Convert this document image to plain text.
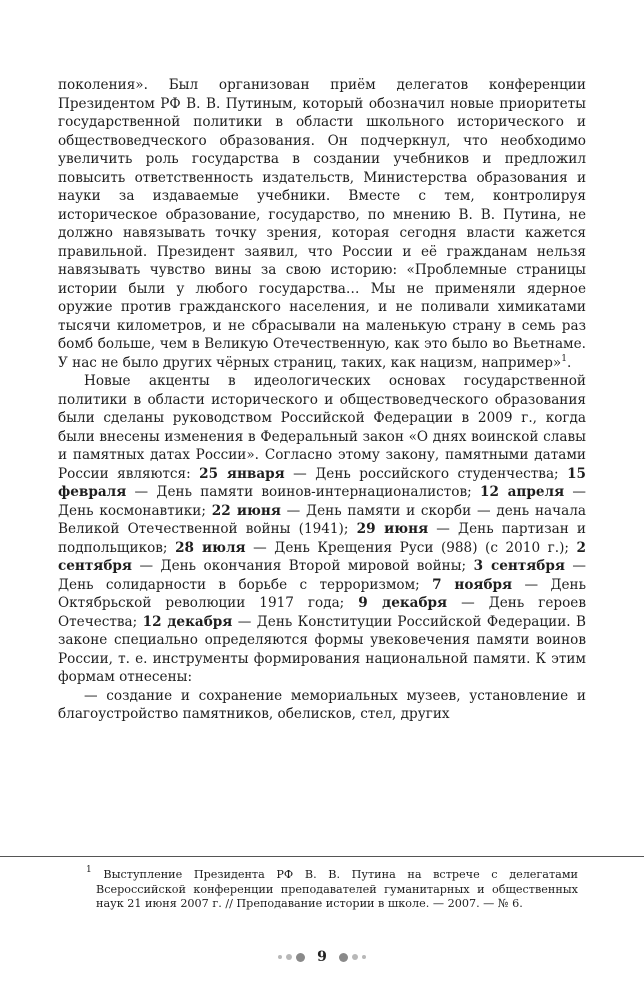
поколения». Был организован приём делегатов конференции Президентом РФ В. В. Путиным, который обозначил новые приоритеты государственной политики в области школьного исторического и обществоведческого образования. Он подчеркнул, что необходимо увеличить роль государства в создании учебников и предложил повысить ответственность издательств, Министерства образования и науки за издаваемые учебники. Вместе с тем, контролируя историческое образование, государство, по мнению В. В. Путина, не должно навязывать точку зрения, которая сегодня власти кажется правильной. Президент заявил, что России и её гражданам нельзя навязывать чувство вины за свою историю: «Проблемные страницы истории были у любого государства… Мы не применяли ядерное оружие против гражданского населения, и не поливали химикатами тысячи километров, и не сбрасывали на маленькую страну в семь раз бомб больше, чем в Великую Отечественную, как это было во Вьетнаме. У нас не было других чёрных страниц, таких, как нацизм, например»$^1$.

Новые акценты в идеологических основах государственной политики в области исторического и обществоведческого образования были сделаны руководством Российской Федерации в 2009 г., когда были внесены изменения в Федеральный закон «О днях воинской славы и памятных датах России». Согласно этому закону, памятными датами России являются: 25 января — День российского студенчества; 15 февраля — День памяти воинов-интернационалистов; 12 апреля — День космонавтики; 22 июня — День памяти и скорби — день начала Великой Отечественной войны (1941); 29 июня — День партизан и подпольщиков; 28 июля — День Крещения Руси (988) (с 2010 г.); 2 сентября — День окончания Второй мировой войны; 3 сентября — День солидарности в борьбе с терроризмом; 7 ноября — День Октябрьской революции 1917 года; 9 декабря — День героев Отечества; 12 декабря — День Конституции Российской Федерации. В законе специально определяются формы увековечения памяти воинов России, т. е. инструменты формирования национальной памяти. К этим формам отнесены:

— создание и сохранение мемориальных музеев, установление и благоустройство памятников, обелисков, стел, других

$^1$ Выступление Президента РФ В. В. Путина на встрече с делегатами Всероссийской конференции преподавателей гуманитарных и общественных наук 21 июня 2007 г. // Преподавание истории в школе. — 2007. — № 6.
9
